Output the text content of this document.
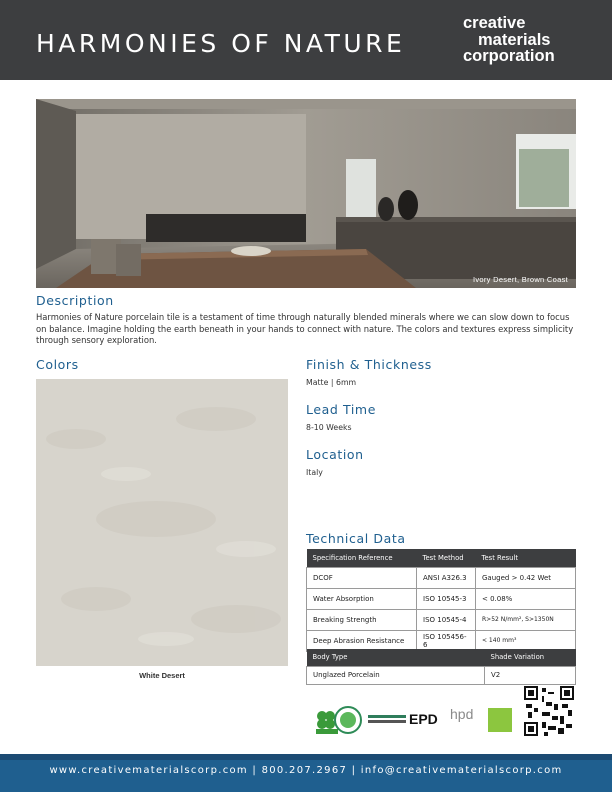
HARMONIES OF NATURE
creative
materials
corporation
Ivory Desert, Brown Coast
Description
Harmonies of Nature porcelain tile is a testament of time through naturally blended minerals where we can slow down to focus on balance. Imagine holding the earth beneath in your hands to connect with nature. The colors and textures express simplicity through sensory exploration.
Colors
White Desert
Finish & Thickness
Matte | 6mm
Lead Time
8-10 Weeks
Location
Italy
Technical Data
Specification Reference	Test Method	Test Result
DCOF	ANSI A326.3	Gauged > 0.42 Wet
Water Absorption	ISO 10545-3	< 0.08%
Breaking Strength	ISO 10545-4	R>52 N/mm², S>1350N
Deep Abrasion Resistance	ISO 105456-6	< 140 mm³
Body Type	Shade Variation
Unglazed Porcelain	V2
EPD hpd
www.creativematerialscorp.com | 800.207.2967 | info@creativematerialscorp.com
